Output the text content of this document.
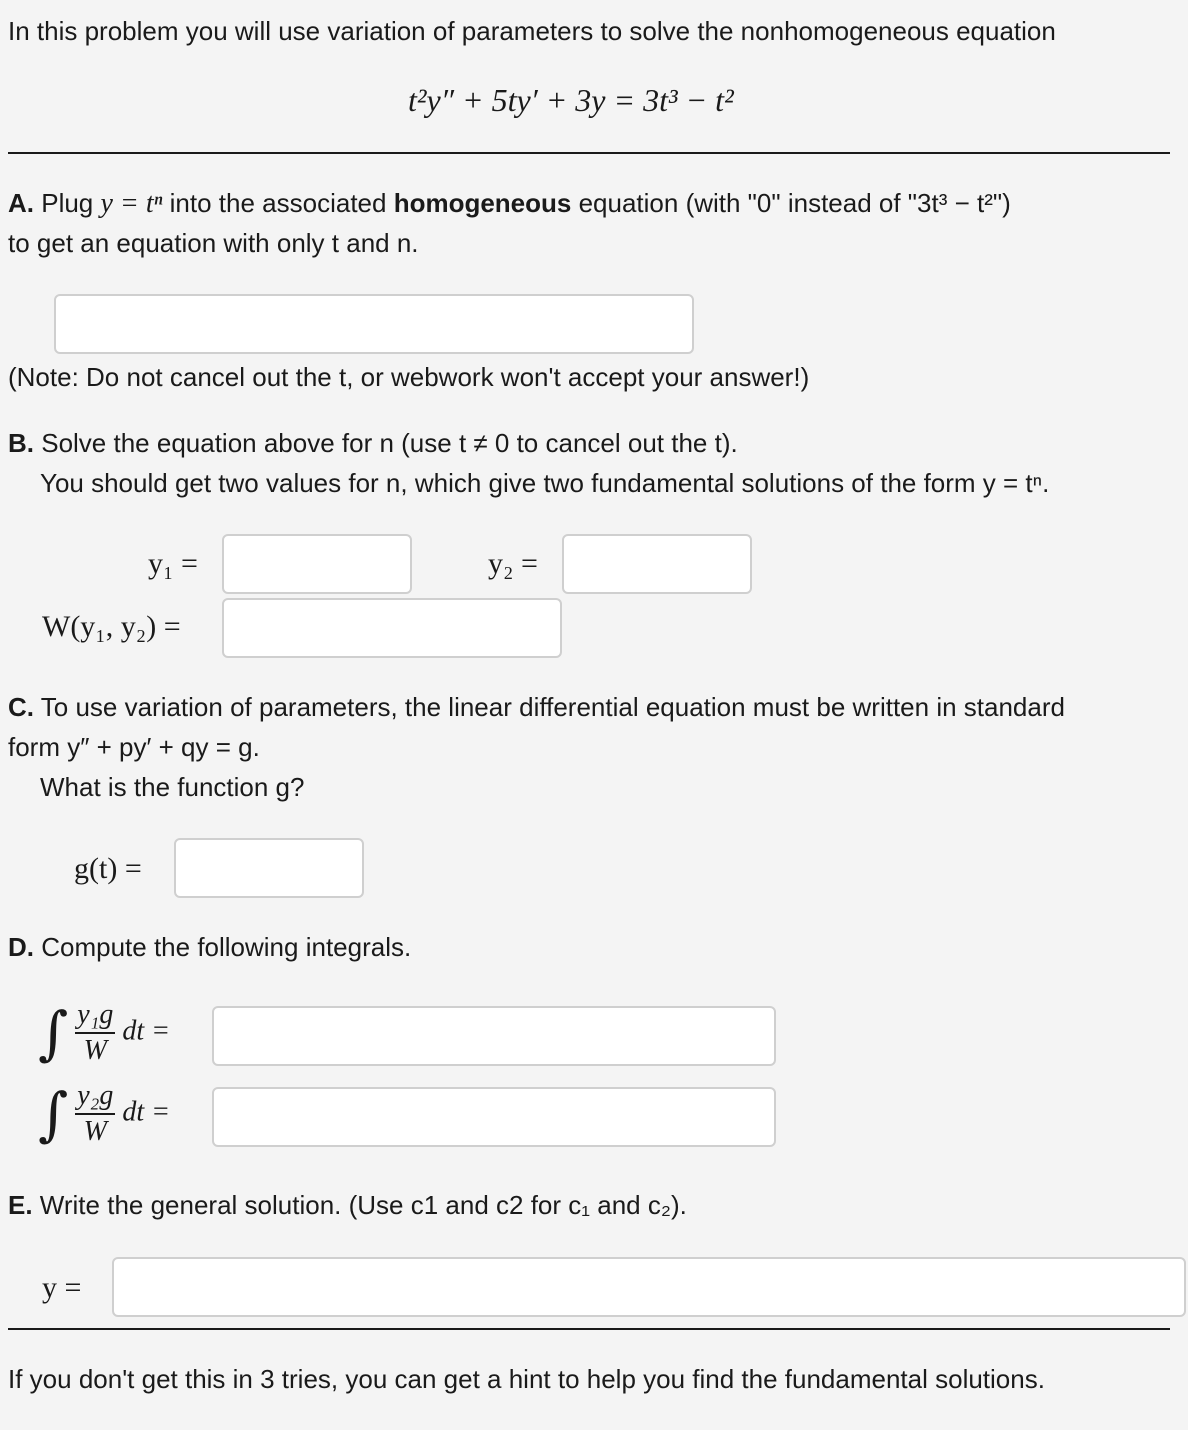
In this problem you will use variation of parameters to solve the nonhomogeneous equation
t²y″ + 5ty′ + 3y = 3t³ − t²
A. Plug y = tⁿ into the associated homogeneous equation (with "0" instead of "3t³ − t²")
to get an equation with only t and n.
(Note: Do not cancel out the t, or webwork won't accept your answer!)
B. Solve the equation above for n (use t ≠ 0 to cancel out the t).
You should get two values for n, which give two fundamental solutions of the form y = tⁿ.
y₁ =	y₂ =
W(y₁, y₂) =
C. To use variation of parameters, the linear differential equation must be written in standard
form y″ + py′ + qy = g.
What is the function g?
g(t) =
D. Compute the following integrals.
∫ $\frac{\text{y₁g}}{W}$ dt =
∫ $\frac{\text{y₂g}}{W}$ dt =
E. Write the general solution. (Use c1 and c2 for c₁ and c₂).
y =
If you don't get this in 3 tries, you can get a hint to help you find the fundamental solutions.
